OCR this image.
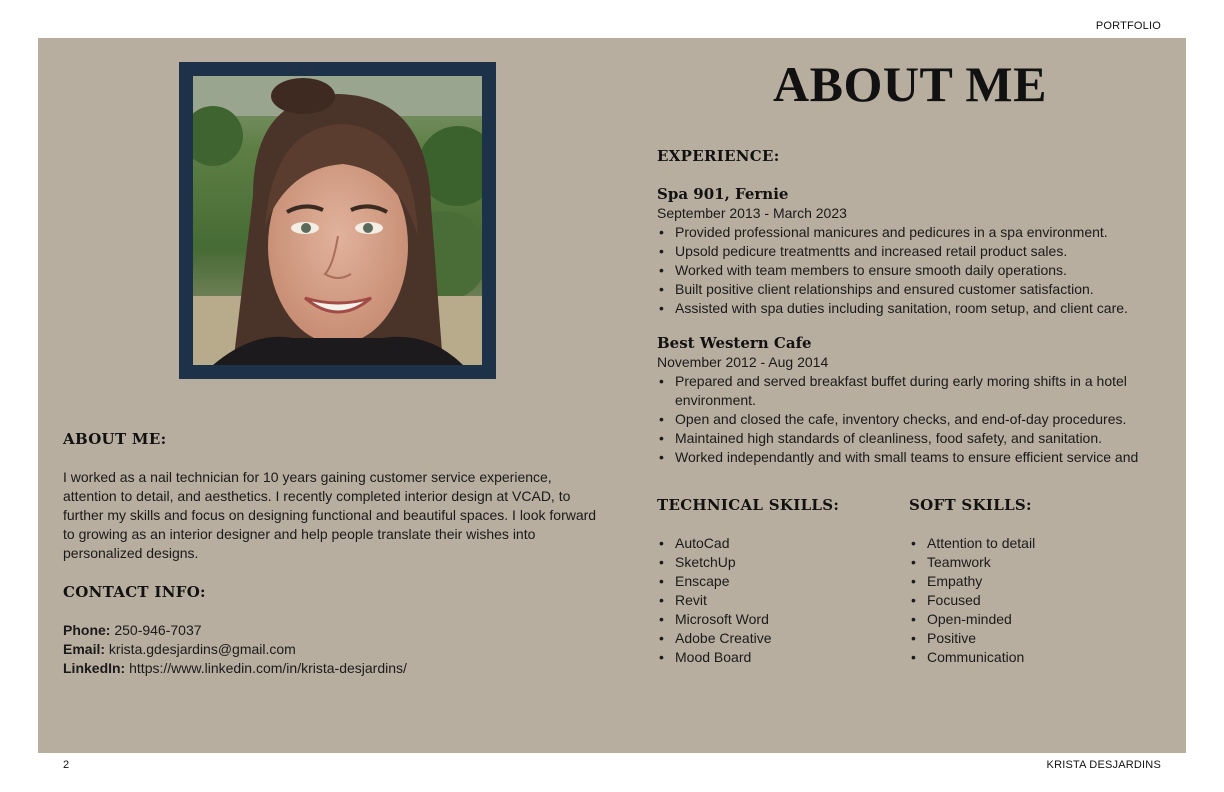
PORTFOLIO
ABOUT ME
ABOUT ME:

I worked as a nail technician for 10 years gaining customer service experience, attention to detail, and aesthetics. I recently completed interior design at VCAD, to further my skills and focus on designing functional and beautiful spaces. I look forward to growing as an interior designer and help people translate their wishes into personalized designs.

CONTACT INFO:
Phone: 250-946-7037
Email: krista.gdesjardins@gmail.com
LinkedIn: https://www.linkedin.com/in/krista-desjardins/
EXPERIENCE:
Spa 901, Fernie
September 2013 - March 2023
• Provided professional manicures and pedicures in a spa environment.
• Upsold pedicure treatmentts and increased retail product sales.
• Worked with team members to ensure smooth daily operations.
• Built positive client relationships and ensured customer satisfaction.
• Assisted with spa duties including sanitation, room setup, and client care.
Best Western Cafe
November 2012 - Aug 2014
• Prepared and served breakfast buffet during early moring shifts in a hotel environment.
• Open and closed the cafe, inventory checks, and end-of-day procedures.
• Maintained high standards of cleanliness, food safety, and sanitation.
• Worked independantly and with small teams to ensure efficient service and
TECHNICAL SKILLS:
• AutoCad
• SketchUp
• Enscape
• Revit
• Microsoft Word
• Adobe Creative
• Mood Board
SOFT SKILLS:
• Attention to detail
• Teamwork
• Empathy
• Focused
• Open-minded
• Positive
• Communication
2	KRISTA DESJARDINS
